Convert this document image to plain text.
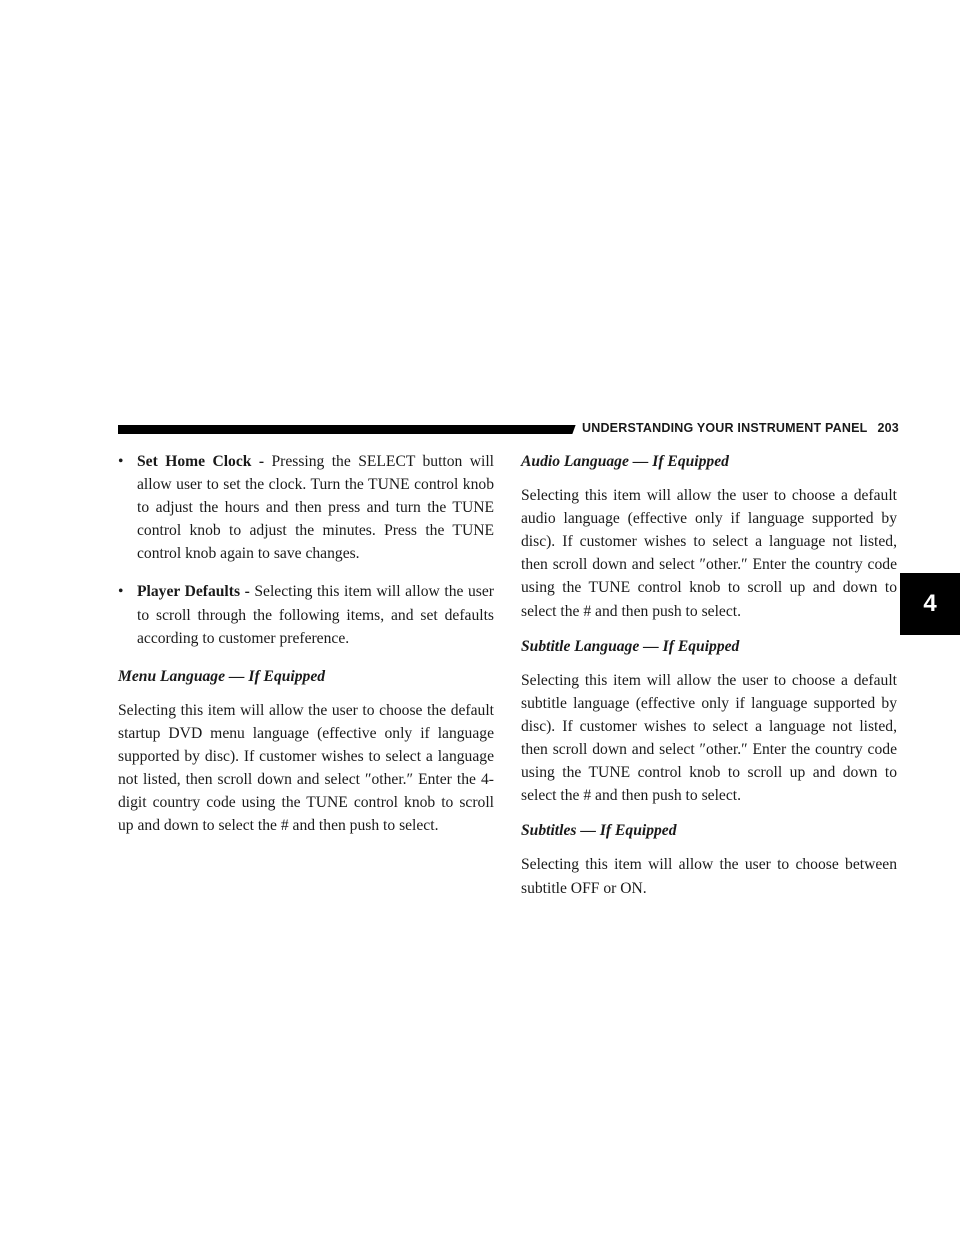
UNDERSTANDING YOUR INSTRUMENT PANEL 203
4
• Set Home Clock - Pressing the SELECT button will allow user to set the clock. Turn the TUNE control knob to adjust the hours and then press and turn the TUNE control knob to adjust the minutes. Press the TUNE control knob again to save changes.

• Player Defaults - Selecting this item will allow the user to scroll through the following items, and set defaults according to customer preference.

Menu Language — If Equipped

Selecting this item will allow the user to choose the default startup DVD menu language (effective only if language supported by disc). If customer wishes to select a language not listed, then scroll down and select ″other.″ Enter the 4-digit country code using the TUNE control knob to scroll up and down to select the # and then push to select.

Audio Language — If Equipped

Selecting this item will allow the user to choose a default audio language (effective only if language supported by disc). If customer wishes to select a language not listed, then scroll down and select ″other.″ Enter the country code using the TUNE control knob to scroll up and down to select the # and then push to select.

Subtitle Language — If Equipped

Selecting this item will allow the user to choose a default subtitle language (effective only if language supported by disc). If customer wishes to select a language not listed, then scroll down and select ″other.″ Enter the country code using the TUNE control knob to scroll up and down to select the # and then push to select.

Subtitles — If Equipped

Selecting this item will allow the user to choose between subtitle OFF or ON.
